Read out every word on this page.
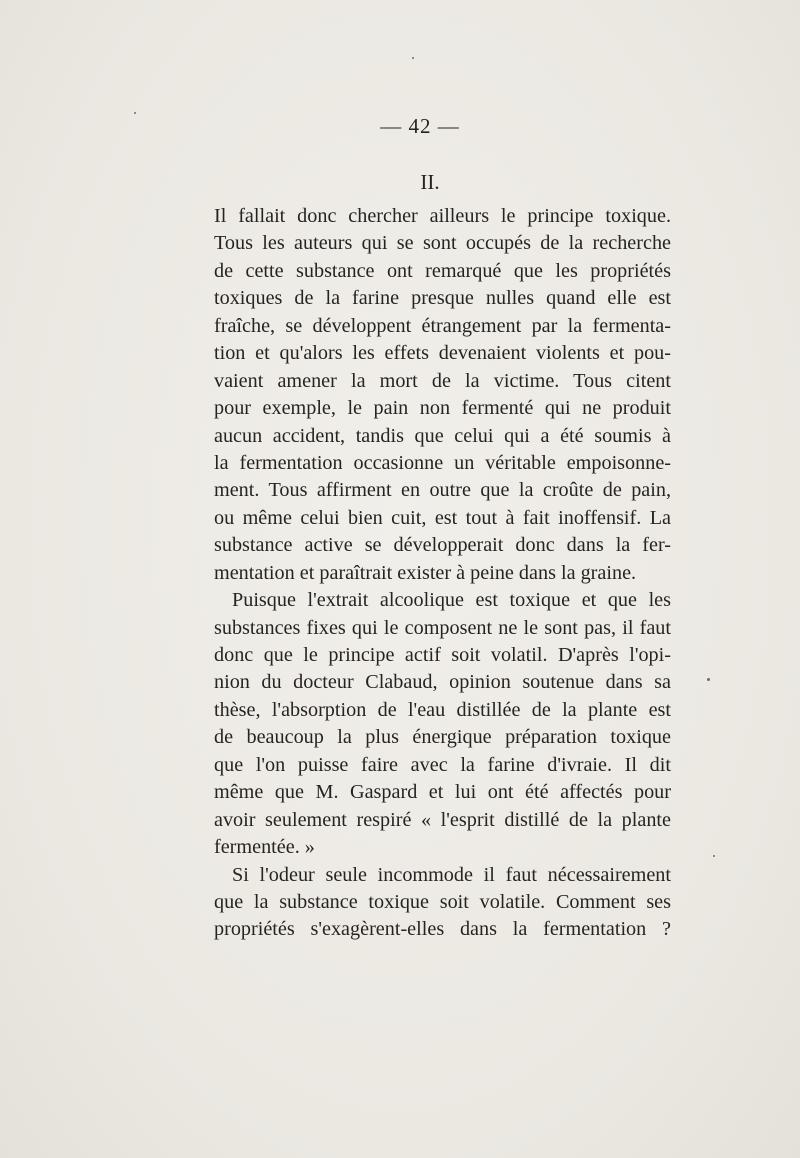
— 42 —
II.
Il fallait donc chercher ailleurs le principe toxique.
Tous les auteurs qui se sont occupés de la recherche
de cette substance ont remarqué que les propriétés
toxiques de la farine presque nulles quand elle est
fraîche, se développent étrangement par la fermenta-
tion et qu'alors les effets devenaient violents et pou-
vaient amener la mort de la victime. Tous citent
pour exemple, le pain non fermenté qui ne produit
aucun accident, tandis que celui qui a été soumis à
la fermentation occasionne un véritable empoisonne-
ment. Tous affirment en outre que la croûte de pain,
ou même celui bien cuit, est tout à fait inoffensif. La
substance active se développerait donc dans la fer-
mentation et paraîtrait exister à peine dans la graine.
Puisque l'extrait alcoolique est toxique et que les
substances fixes qui le composent ne le sont pas, il faut
donc que le principe actif soit volatil. D'après l'opi-
nion du docteur Clabaud, opinion soutenue dans sa
thèse, l'absorption de l'eau distillée de la plante est
de beaucoup la plus énergique préparation toxique
que l'on puisse faire avec la farine d'ivraie. Il dit
même que M. Gaspard et lui ont été affectés pour
avoir seulement respiré « l'esprit distillé de la plante
fermentée. »
Si l'odeur seule incommode il faut nécessairement
que la substance toxique soit volatile. Comment ses
propriétés s'exagèrent-elles dans la fermentation ?
